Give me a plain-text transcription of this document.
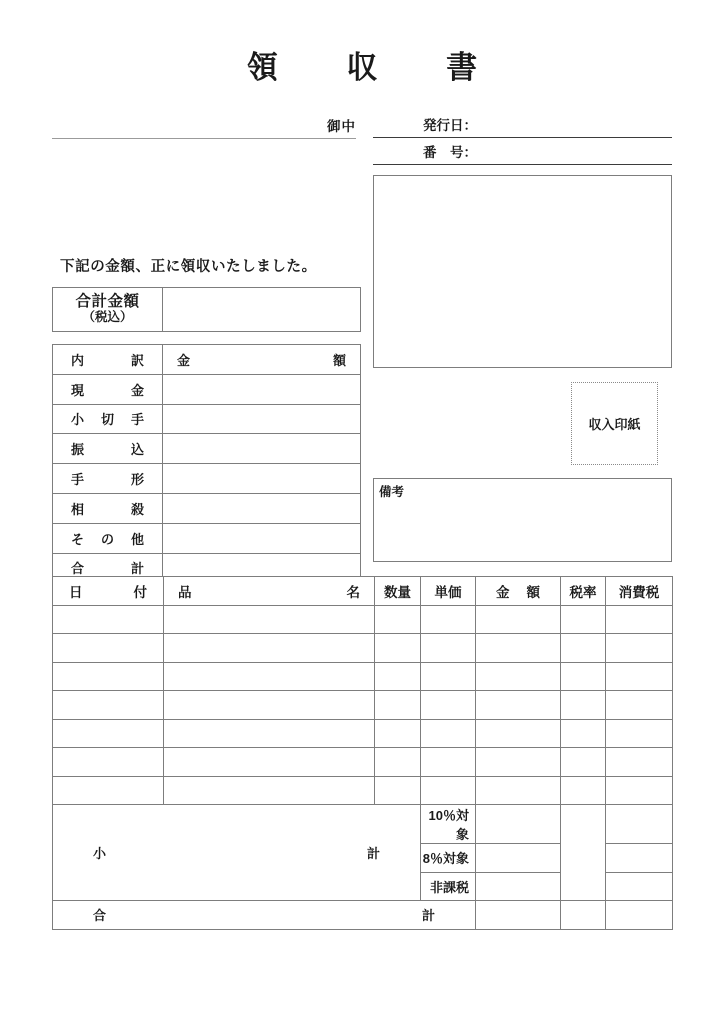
領 収 書
御中	発行日：
番　号：
収入印紙
備考
下記の金額、正に領収いたしました。
合計金額
（税込）

内　訳	金　　額
現　金	
小切手	
振　込	
手　形	
相　殺	
その他	
合　計	
日　付	品　　名	数量	単価	金　額	税率	消費税

小　計			10％対象			
			8％対象			
			非課税			
合　計						
